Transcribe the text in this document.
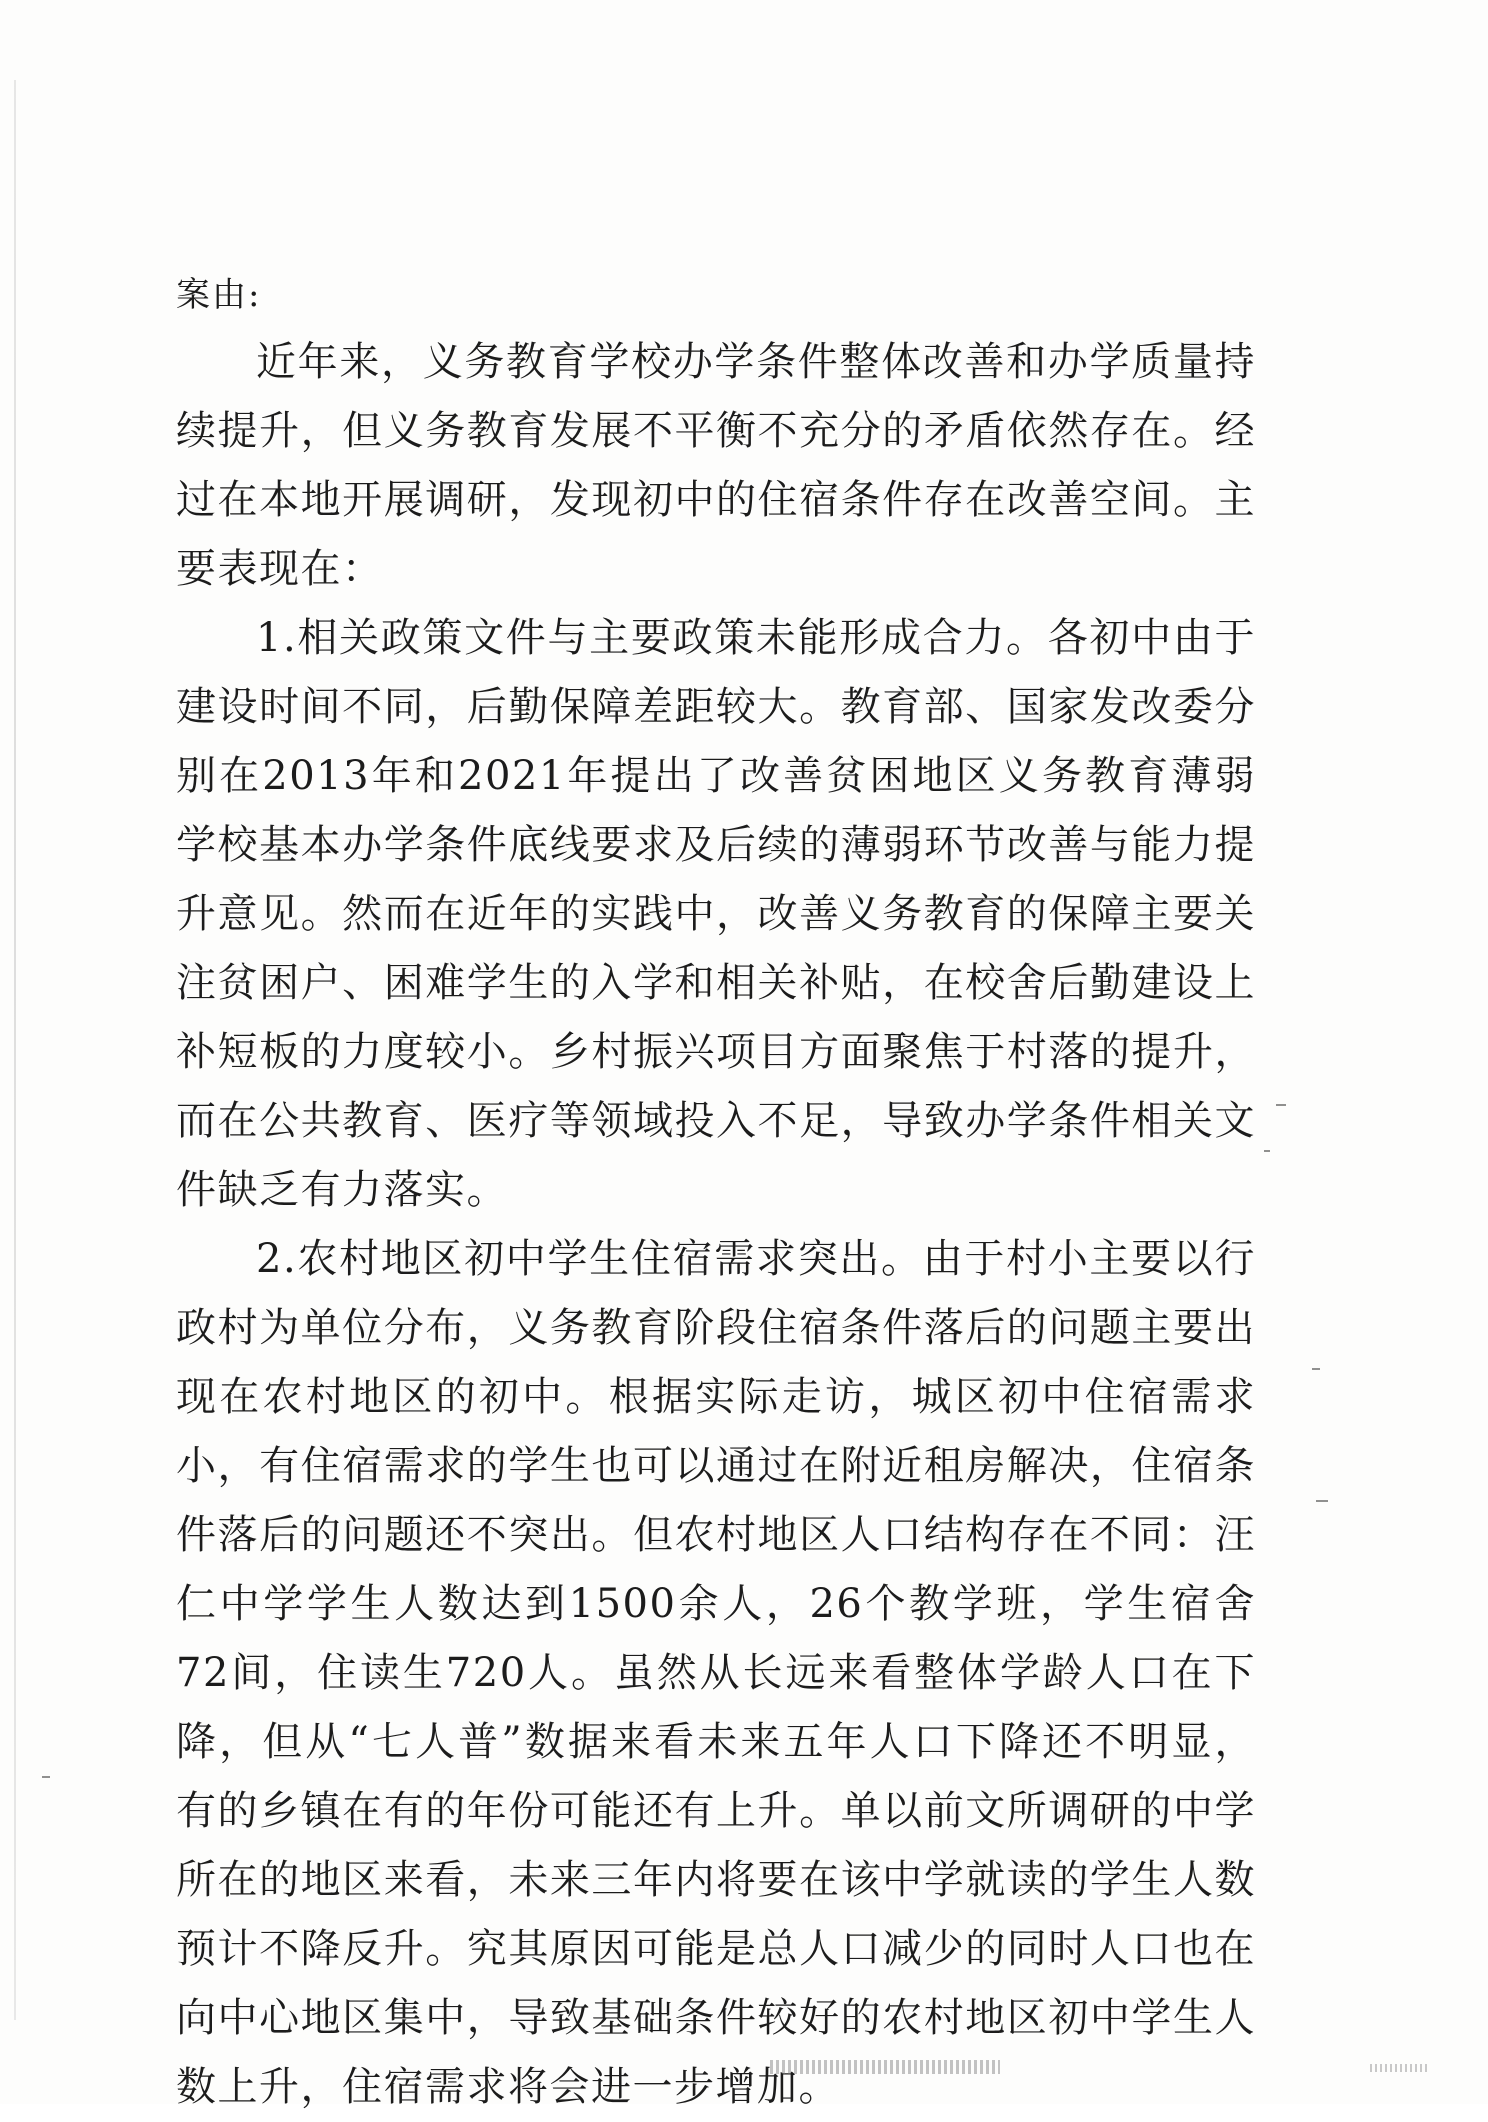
案由:

近年来，义务教育学校办学条件整体改善和办学质量持续提升，但义务教育发展不平衡不充分的矛盾依然存在。经过在本地开展调研，发现初中的住宿条件存在改善空间。主要表现在：

1.相关政策文件与主要政策未能形成合力。各初中由于建设时间不同，后勤保障差距较大。教育部、国家发改委分别在2013年和2021年提出了改善贫困地区义务教育薄弱学校基本办学条件底线要求及后续的薄弱环节改善与能力提升意见。然而在近年的实践中，改善义务教育的保障主要关注贫困户、困难学生的入学和相关补贴，在校舍后勤建设上补短板的力度较小。乡村振兴项目方面聚焦于村落的提升，而在公共教育、医疗等领域投入不足，导致办学条件相关文件缺乏有力落实。

2.农村地区初中学生住宿需求突出。由于村小主要以行政村为单位分布，义务教育阶段住宿条件落后的问题主要出现在农村地区的初中。根据实际走访，城区初中住宿需求小，有住宿需求的学生也可以通过在附近租房解决，住宿条件落后的问题还不突出。但农村地区人口结构存在不同：汪仁中学学生人数达到1500余人，26个教学班，学生宿舍72间，住读生720人。虽然从长远来看整体学龄人口在下降，但从“七人普”数据来看未来五年人口下降还不明显，有的乡镇在有的年份可能还有上升。单以前文所调研的中学所在的地区来看，未来三年内将要在该中学就读的学生人数预计不降反升。究其原因可能是总人口减少的同时人口也在向中心地区集中，导致基础条件较好的农村地区初中学生人数上升，住宿需求将会进一步增加。
